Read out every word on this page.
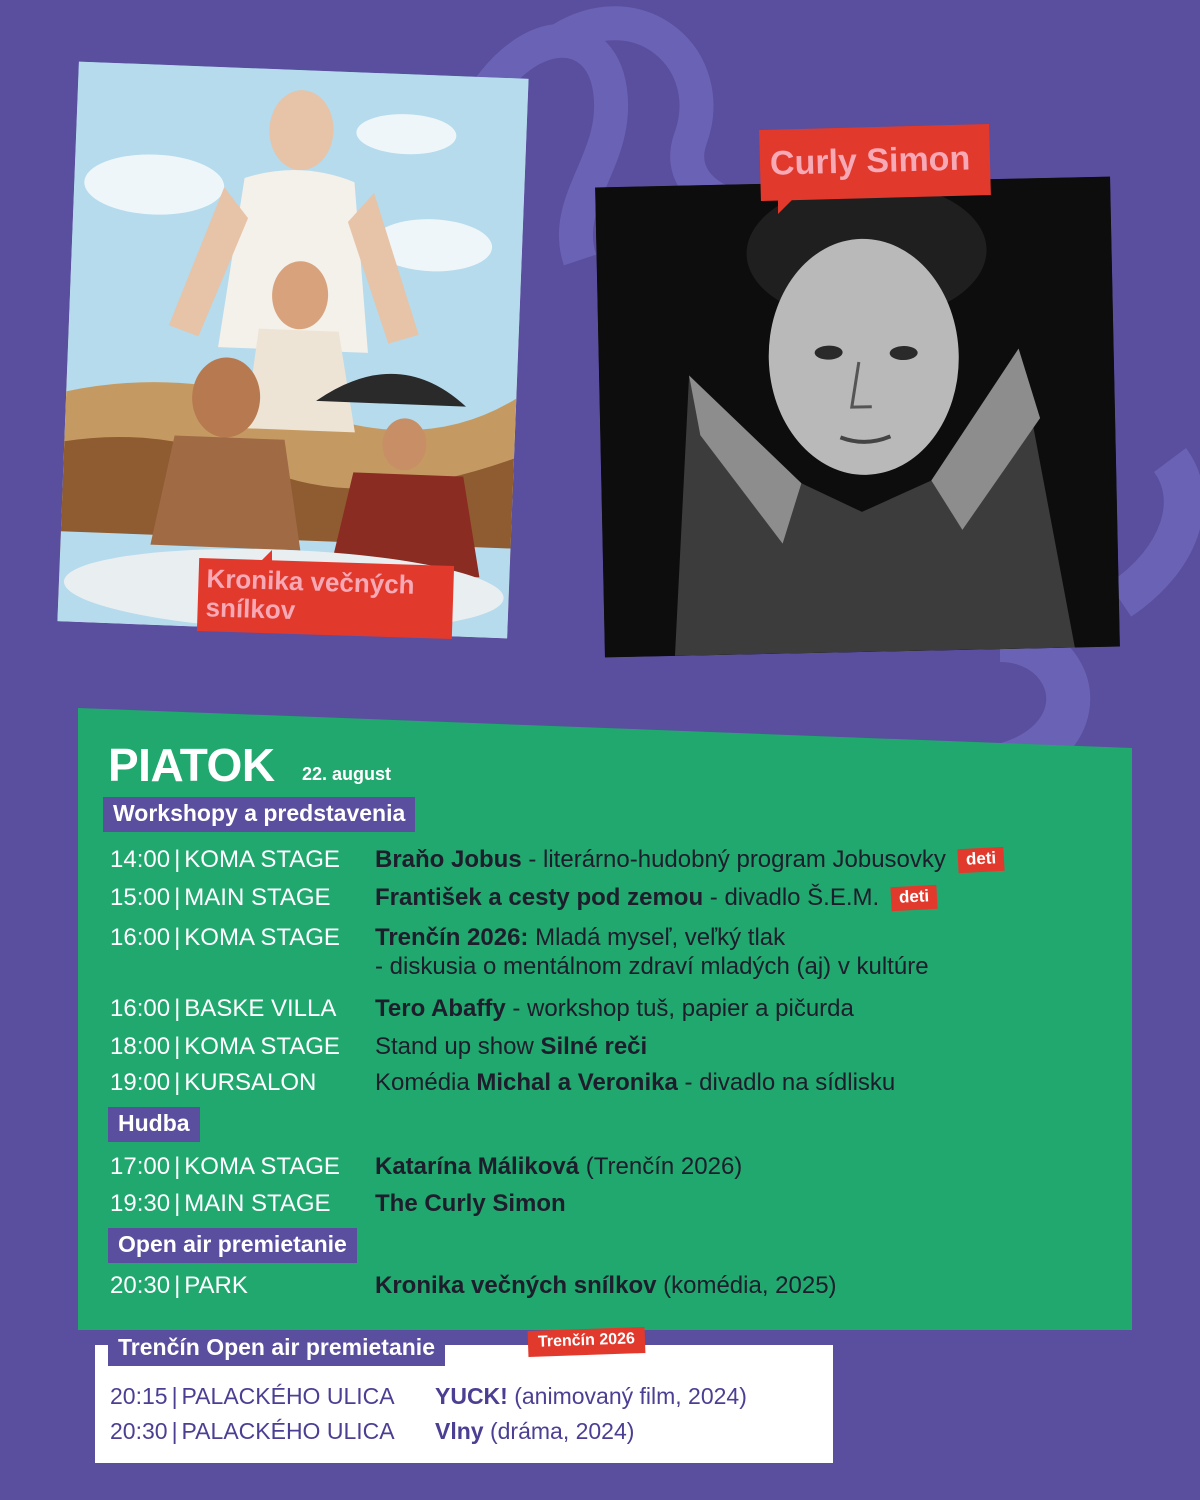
Curly Simon
Kronika večných snílkov
PIATOK 22. august
Workshopy a predstavenia
14:00 | KOMA STAGE Braňo Jobus - literárno-hudobný program Jobusovky deti
15:00 | MAIN STAGE František a cesty pod zemou - divadlo Š.E.M. deti
16:00 | KOMA STAGE Trenčín 2026: Mladá myseľ, veľký tlak
- diskusia o mentálnom zdraví mladých (aj) v kultúre
16:00 | BASKE VILLA Tero Abaffy - workshop tuš, papier a pičurda
18:00 | KOMA STAGE Stand up show Silné reči
19:00 | KURSALON Komédia Michal a Veronika - divadlo na sídlisku
Hudba
17:00 | KOMA STAGE Katarína Máliková (Trenčín 2026)
19:30 | MAIN STAGE The Curly Simon
Open air premietanie
20:30 | PARK	Kronika večných snílkov (komédia, 2025)
Trenčín Open air premietanie	Trenčín 2026
20:15 | PALACKÉHO ULICA YUCK! (animovaný film, 2024)
20:30 | PALACKÉHO ULICA Vlny (dráma, 2024)
